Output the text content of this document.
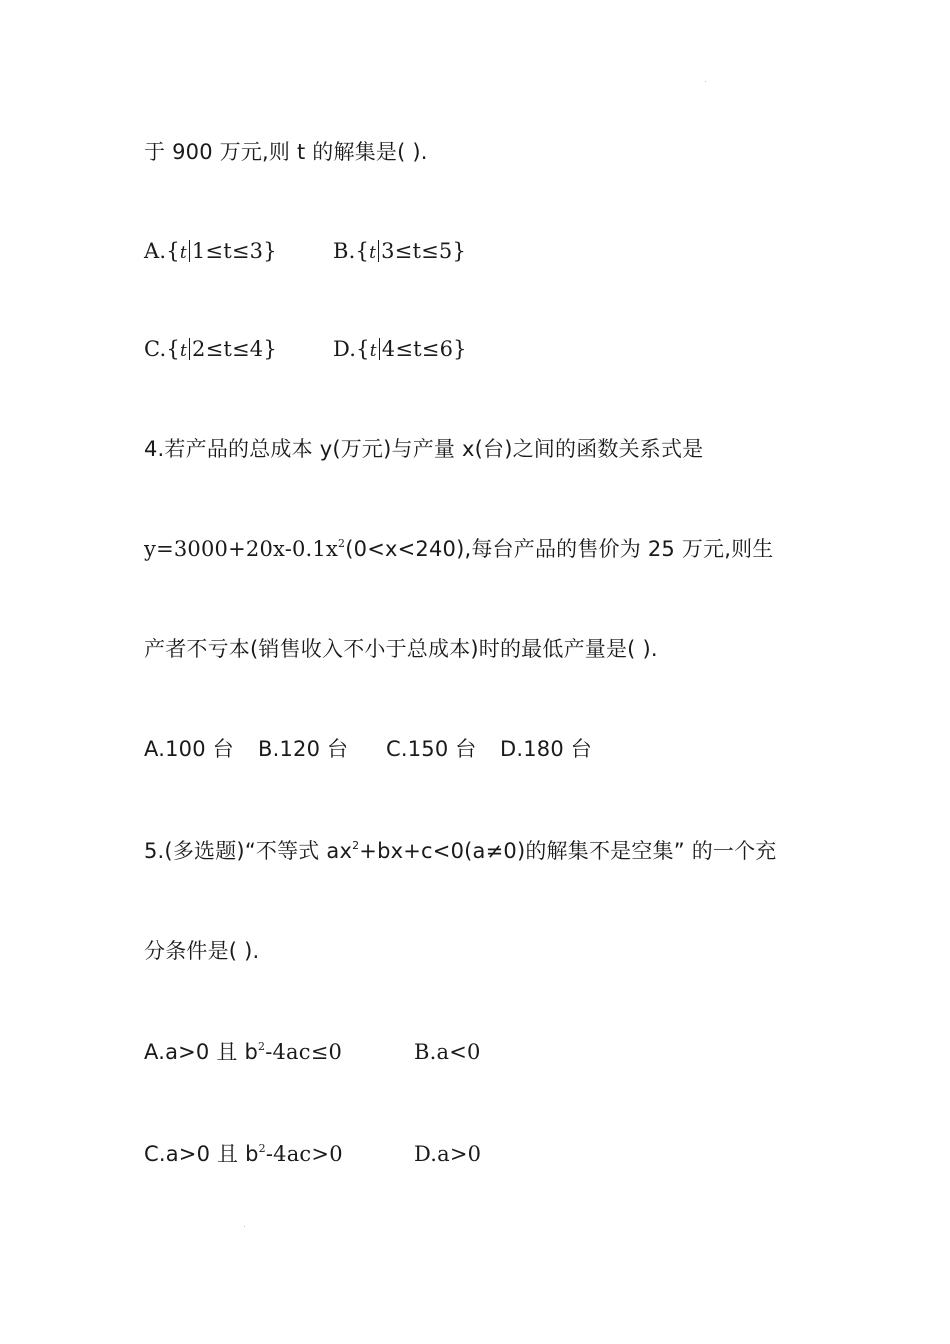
于 900 万元,则 t 的解集是( ).
A.{t 1≤t≤3}	B.{t 3≤t≤5}
C.{t 2≤t≤4}	D.{t 4≤t≤6}
4.若产品的总成本 y(万元)与产量 x(台)之间的函数关系式是
$y=3000+20x-0.1x^2(0<x<240)$,每台产品的售价为 25 万元,则生
产者不亏本(销售收入不小于总成本)时的最低产量是( ).
A.100 台 B.120 台 C.150 台 D.180 台
5.(多选题)“不等式 $ax^2+bx+c<0(a\ne 0)$的解集不是空集” 的一个充
分条件是( ).
A.a>0 且 $b^2-4ac\le 0$	B.a<0
C.a>0 且 $b^2-4ac>0$	D.a>0
